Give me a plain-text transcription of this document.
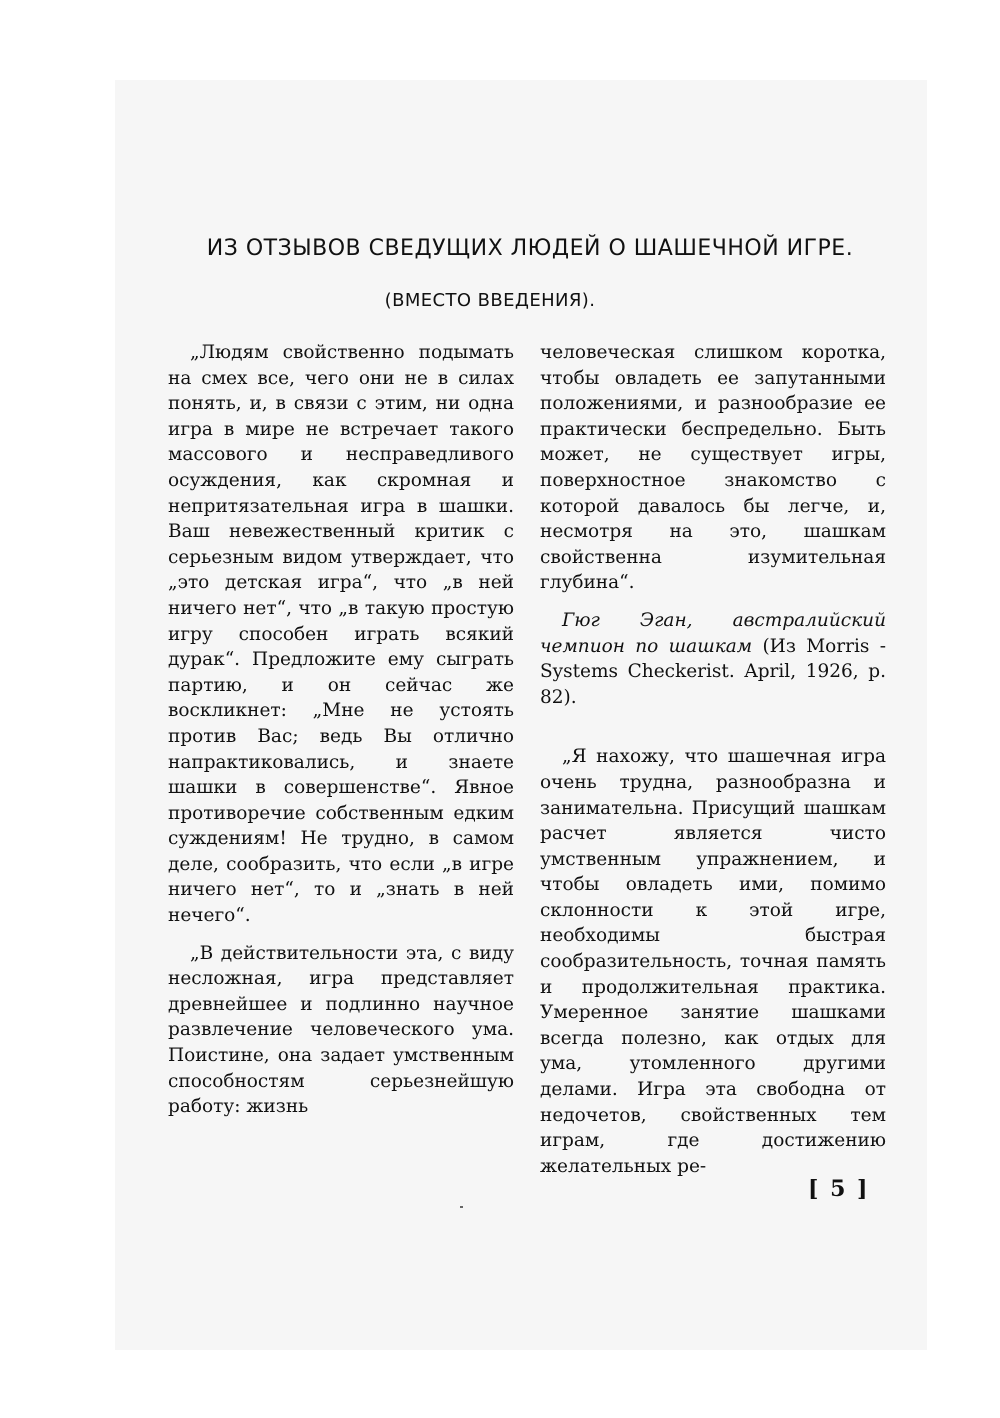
ИЗ ОТЗЫВОВ СВЕДУЩИХ ЛЮДЕЙ О ШАШЕЧНОЙ ИГРЕ.
(ВМЕСТО ВВЕДЕНИЯ).

„Людям свойственно подымать на смех все, чего они не в силах понять, и, в связи с этим, ни одна игра в мире не встречает такого массового и несправедливого осуждения, как скромная и непритязательная игра в шашки. Ваш невежественный критик с серьезным видом утверждает, что „это детская игра“, что „в ней ничего нет“, что „в такую простую игру способен играть всякий дурак“. Предложите ему сыграть партию, и он сейчас же воскликнет: „Мне не устоять против Вас; ведь Вы отлично напрактиковались, и знаете шашки в совершенстве“. Явное противоречие собственным едким суждениям! Не трудно, в самом деле, сообразить, что если „в игре ничего нет“, то и „знать в ней нечего“.

„В действительности эта, с виду несложная, игра представляет древнейшее и подлинно научное развлечение человеческого ума. Поистине, она задает умственным способностям серьезнейшую работу: жизнь

человеческая слишком коротка, чтобы овладеть ее запутанными положениями, и разнообразие ее практически беспредельно. Быть может, не существует игры, поверхностное знакомство с которой давалось бы легче, и, несмотря на это, шашкам свойственна изумительная глубина“.

Гюг Эган, австралийский чемпион по шашкам (Из Morris - Systems Checkerist. April, 1926, p. 82).

„Я нахожу, что шашечная игра очень трудна, разнообразна и занимательна. Присущий шашкам расчет является чисто умственным упражнением, и чтобы овладеть ими, помимо склонности к этой игре, необходимы быстрая сообразительность, точная память и продолжительная практика. Умеренное занятие шашками всегда полезно, как отдых для ума, утомленного другими делами. Игра эта свободна от недочетов, свойственных тем играм, где достижению желательных ре-

[ 5 ]
